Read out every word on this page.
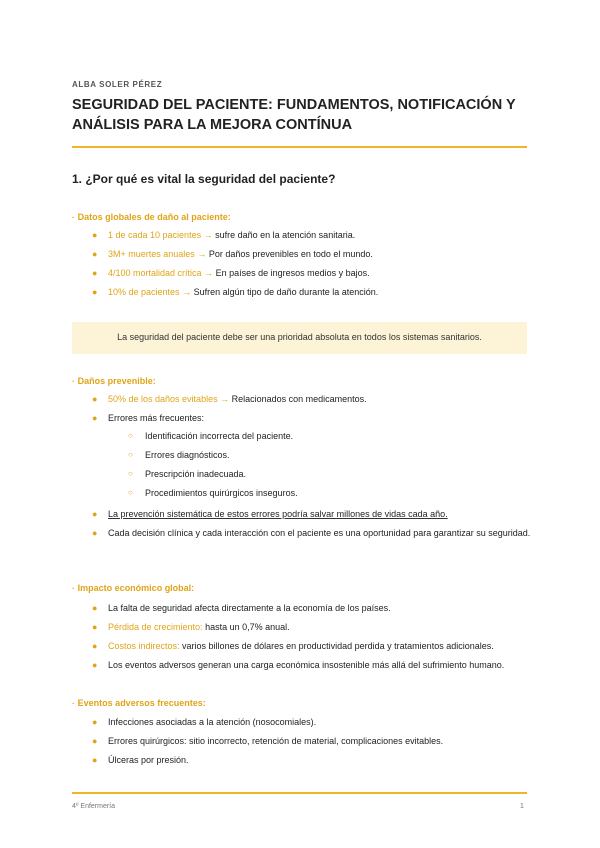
ALBA SOLER PÉREZ
SEGURIDAD DEL PACIENTE: FUNDAMENTOS, NOTIFICACIÓN Y ANÁLISIS PARA LA MEJORA CONTÍNUA
1. ¿Por qué es vital la seguridad del paciente?
· Datos globales de daño al paciente:
● 1 de cada 10 pacientes → sufre daño en la atención sanitaria.
● 3M+ muertes anuales → Por daños prevenibles en todo el mundo.
● 4/100 mortalidad crítica → En países de ingresos medios y bajos.
● 10% de pacientes → Sufren algún tipo de daño durante la atención.
La seguridad del paciente debe ser una prioridad absoluta en todos los sistemas sanitarios.
· Daños prevenible:
● 50% de los daños evitables → Relacionados con medicamentos.
● Errores más frecuentes:
○ Identificación incorrecta del paciente.
○ Errores diagnósticos.
○ Prescripción inadecuada.
○ Procedimientos quirúrgicos inseguros.
● La prevención sistemática de estos errores podría salvar millones de vidas cada año.
● Cada decisión clínica y cada interacción con el paciente es una oportunidad para garantizar su seguridad.
· Impacto económico global:
● La falta de seguridad afecta directamente a la economía de los países.
● Pérdida de crecimiento: hasta un 0,7% anual.
● Costos indirectos: varios billones de dólares en productividad perdida y tratamientos adicionales.
● Los eventos adversos generan una carga económica insostenible más allá del sufrimiento humano.
· Eventos adversos frecuentes:
● Infecciones asociadas a la atención (nosocomiales).
● Errores quirúrgicos: sitio incorrecto, retención de material, complicaciones evitables.
● Úlceras por presión.
4º Enfermería	1
